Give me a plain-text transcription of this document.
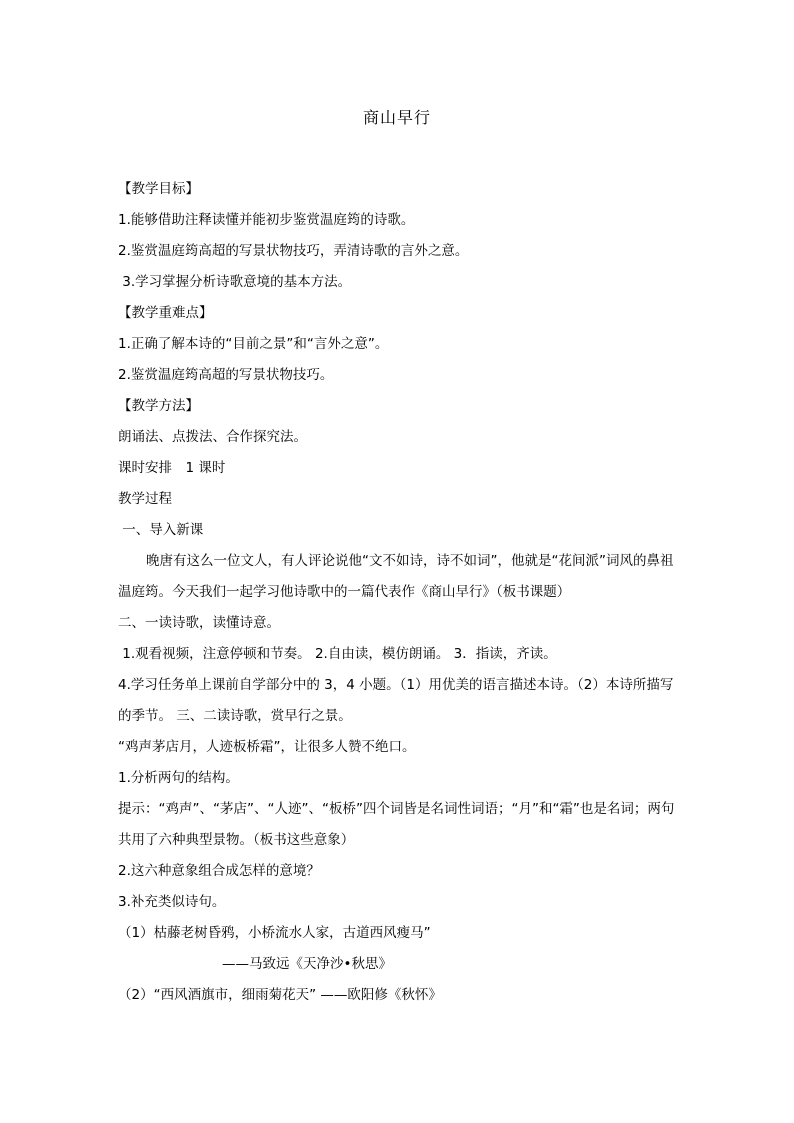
商山早行
【教学目标】
1.能够借助注释读懂并能初步鉴赏温庭筠的诗歌。
2.鉴赏温庭筠高超的写景状物技巧，弄清诗歌的言外之意。
3.学习掌握分析诗歌意境的基本方法。
【教学重难点】
1.正确了解本诗的“目前之景”和“言外之意”。
2.鉴赏温庭筠高超的写景状物技巧。
【教学方法】
朗诵法、点拨法、合作探究法。
课时安排　1 课时
教学过程
一、导入新课
晚唐有这么一位文人，有人评论说他“文不如诗，诗不如词”，他就是“花间派”词风的鼻祖温庭筠。今天我们一起学习他诗歌中的一篇代表作《商山早行》（板书课题）
二、一读诗歌，读懂诗意。
1.观看视频，注意停顿和节奏。 2.自由读，模仿朗诵。 3．指读，齐读。
4.学习任务单上课前自学部分中的 3，4 小题。（1）用优美的语言描述本诗。（2）本诗所描写的季节。 三、二读诗歌，赏早行之景。
“鸡声茅店月，人迹板桥霜”，让很多人赞不绝口。
1.分析两句的结构。
提示：“鸡声”、“茅店”、“人迹”、“板桥”四个词皆是名词性词语；“月”和“霜”也是名词；两句共用了六种典型景物。（板书这些意象）
2.这六种意象组合成怎样的意境？
3.补充类似诗句。
（1）枯藤老树昏鸦，小桥流水人家，古道西风瘦马”
——马致远《天净沙•秋思》
（2）“西风酒旗市，细雨菊花天” ——欧阳修《秋怀》
